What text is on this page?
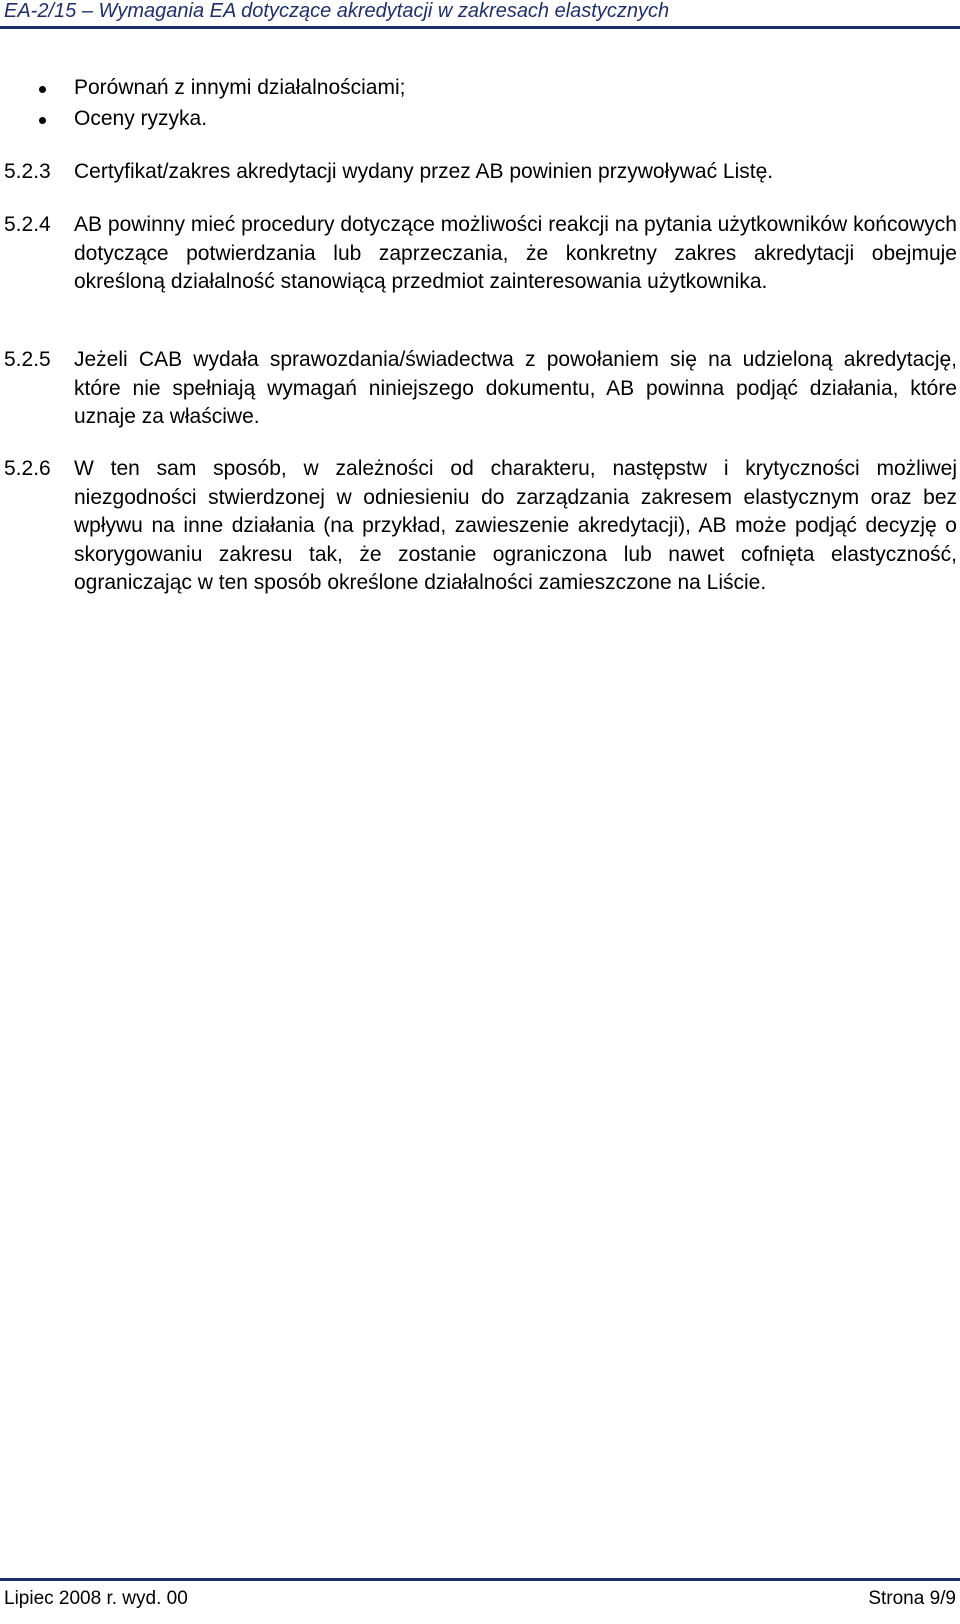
EA-2/15 – Wymagania EA dotyczące akredytacji w zakresach elastycznych
Porównań z innymi działalnościami;
Oceny ryzyka.
5.2.3 Certyfikat/zakres akredytacji wydany przez AB powinien przywoływać Listę.
5.2.4 AB powinny mieć procedury dotyczące możliwości reakcji na pytania użytkowników końcowych dotyczące potwierdzania lub zaprzeczania, że konkretny zakres akredytacji obejmuje określoną działalność stanowiącą przedmiot zainteresowania użytkownika.
5.2.5 Jeżeli CAB wydała sprawozdania/świadectwa z powołaniem się na udzieloną akredytację, które nie spełniają wymagań niniejszego dokumentu, AB powinna podjąć działania, które uznaje za właściwe.
5.2.6 W ten sam sposób, w zależności od charakteru, następstw i krytyczności możliwej niezgodności stwierdzonej w odniesieniu do zarządzania zakresem elastycznym oraz bez wpływu na inne działania (na przykład, zawieszenie akredytacji), AB może podjąć decyzję o skorygowaniu zakresu tak, że zostanie ograniczona lub nawet cofnięta elastyczność, ograniczając w ten sposób określone działalności zamieszczone na Liście.
Lipiec 2008 r. wyd. 00	Strona 9/9
